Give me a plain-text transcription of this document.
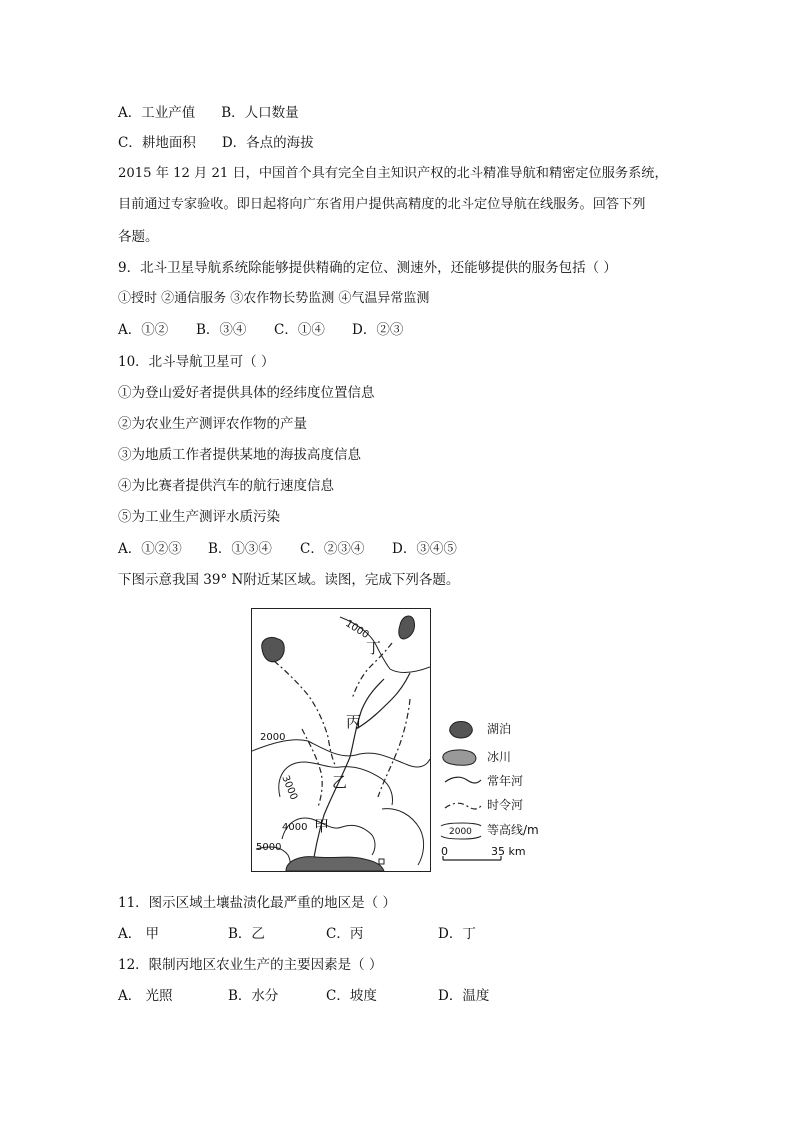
A．工业产值 B．人口数量
C．耕地面积 D．各点的海拔
2015 年 12 月 21 日，中国首个具有完全自主知识产权的北斗精准导航和精密定位服务系统，
目前通过专家验收。即日起将向广东省用户提供高精度的北斗定位导航在线服务。回答下列
各题。
9．北斗卫星导航系统除能够提供精确的定位、测速外，还能够提供的服务包括（ ）
①授时 ②通信服务 ③农作物长势监测 ④气温异常监测
A．①② B．③④ C．①④ D．②③
10．北斗导航卫星可（ ）
①为登山爱好者提供具体的经纬度位置信息
②为农业生产测评农作物的产量
③为地质工作者提供某地的海拔高度信息
④为比赛者提供汽车的航行速度信息
⑤为工业生产测评水质污染
A．①②③ B．①③④ C．②③④ D．③④⑤
下图示意我国 39° N附近某区域。读图，完成下列各题。
丙
乙
甲
丁
1000
2000
3000
4000
5000
湖泊
冰川
常年河
时令河
等高线/m
2000
0	35 km
11．图示区域土壤盐渍化最严重的地区是（ ）
A． 甲	B．乙	C．丙	D．丁
12．限制丙地区农业生产的主要因素是（ ）
A． 光照	B．水分	C．坡度	D．温度
